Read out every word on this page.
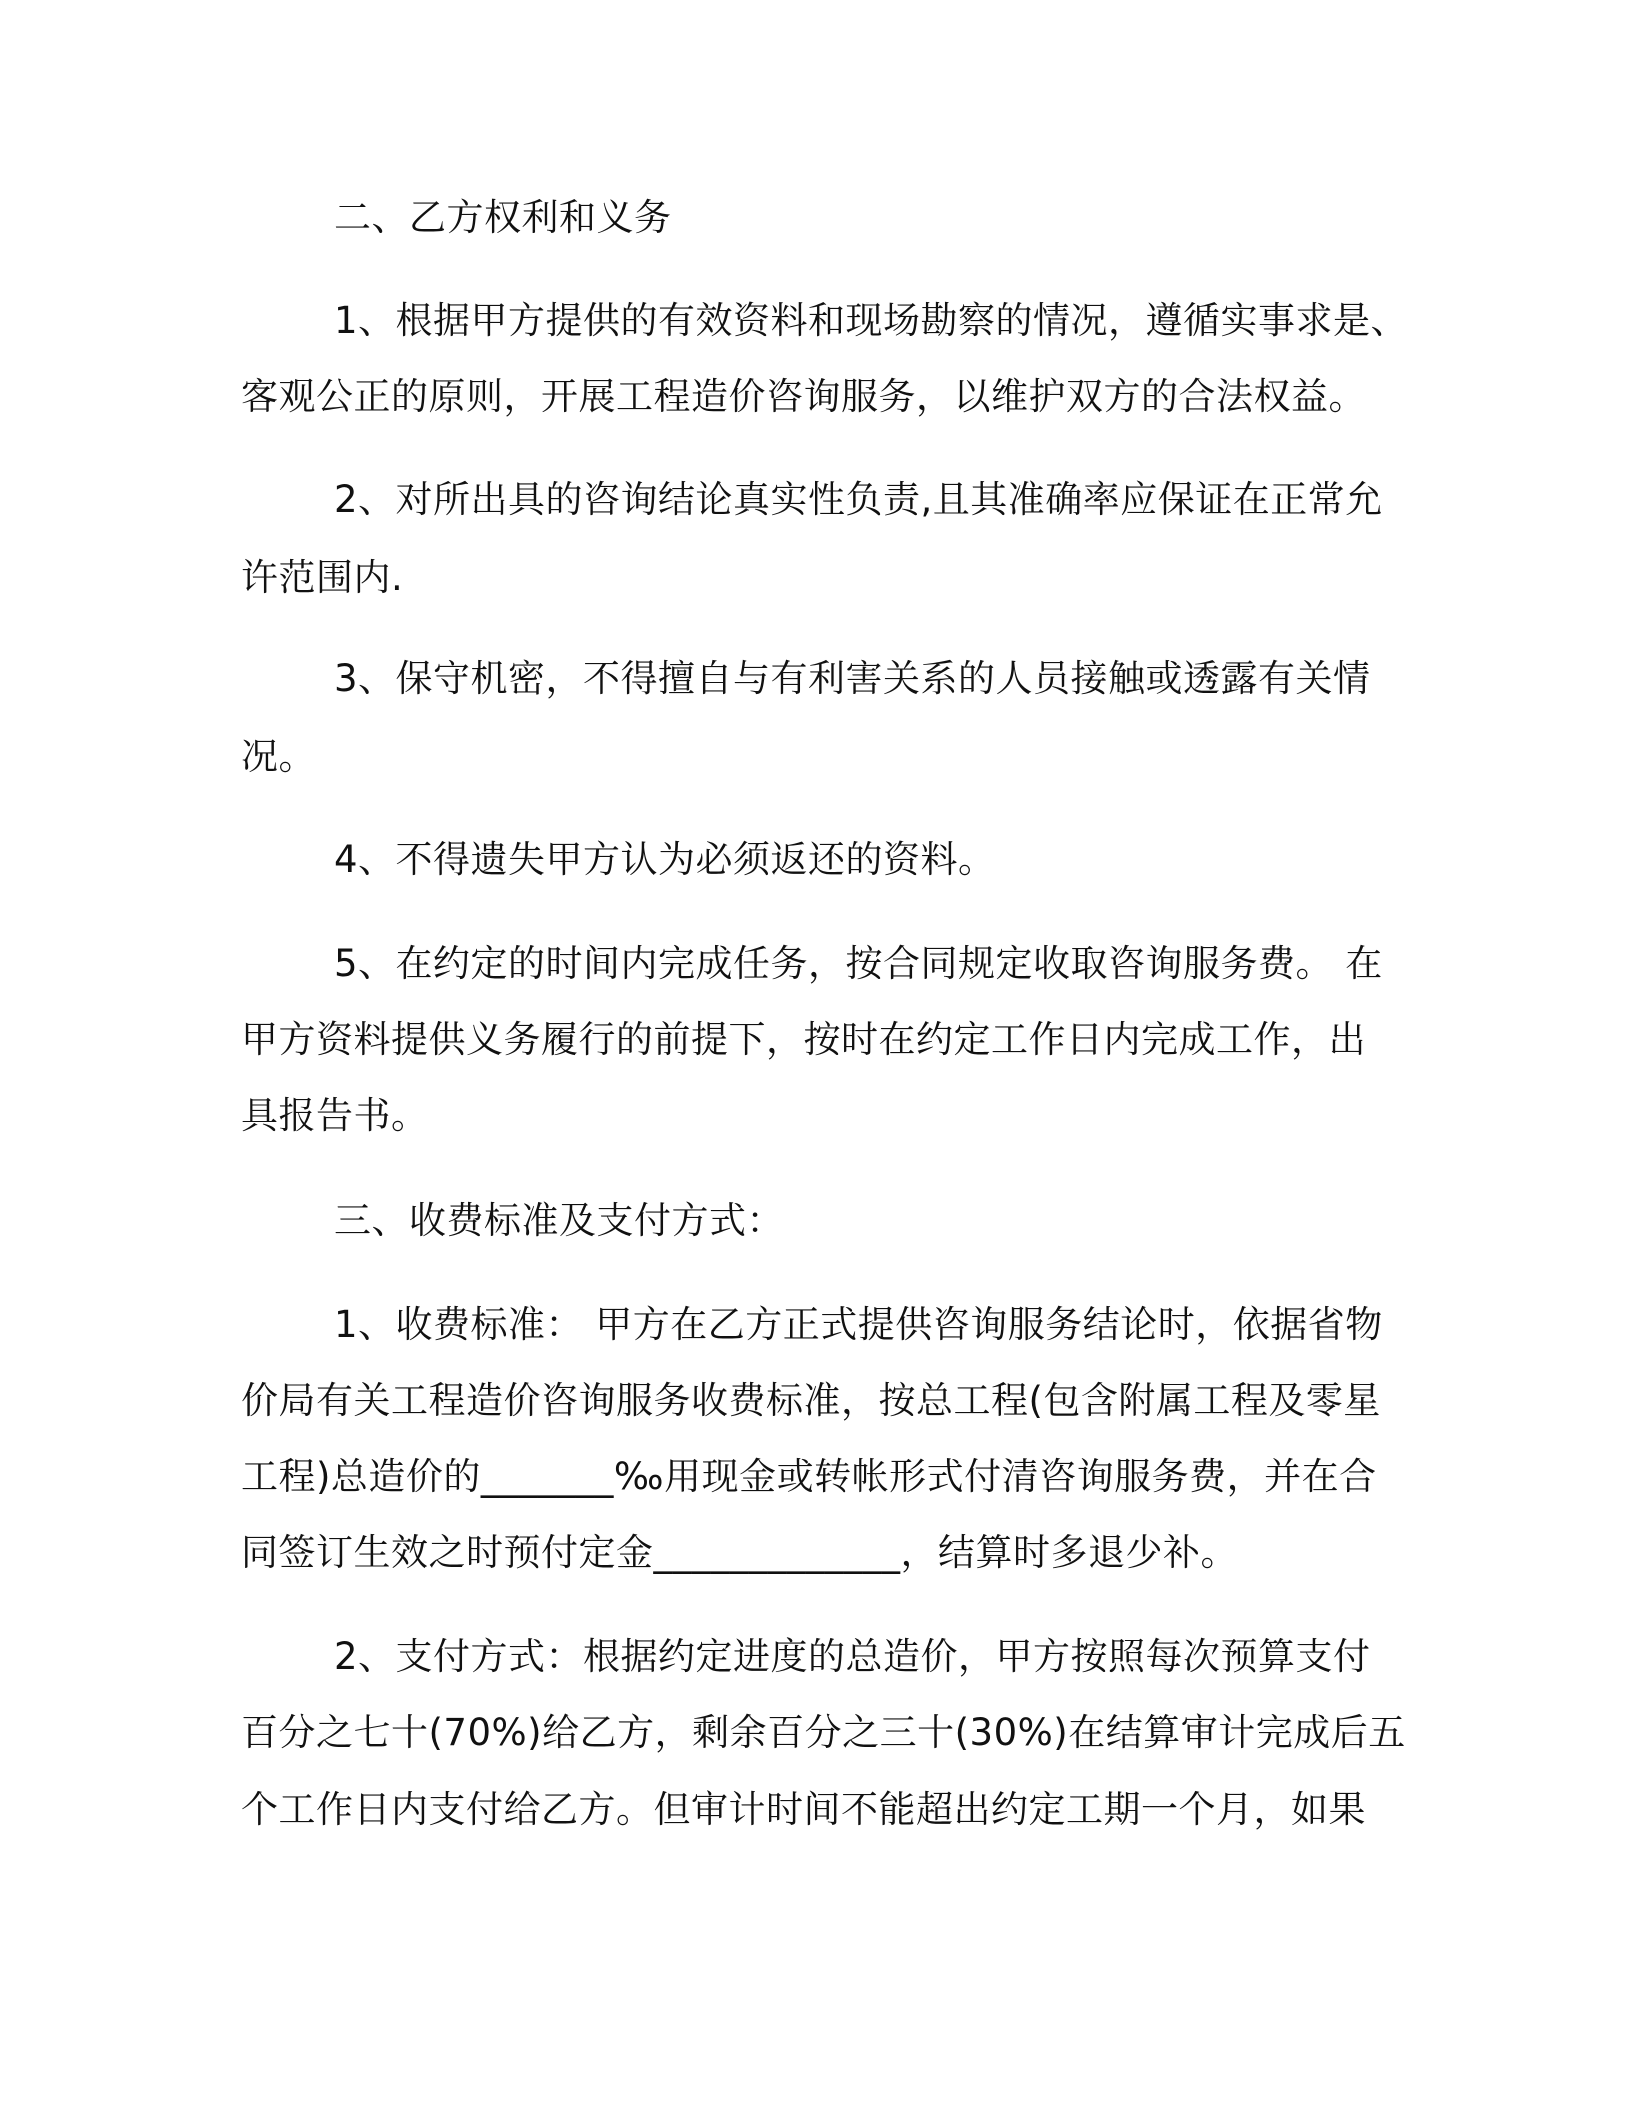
二、乙方权利和义务
1、根据甲方提供的有效资料和现场勘察的情况，遵循实事求是、
客观公正的原则，开展工程造价咨询服务，以维护双方的合法权益。
2、对所出具的咨询结论真实性负责,且其准确率应保证在正常允
许范围内.
3、保守机密，不得擅自与有利害关系的人员接触或透露有关情
况。
4、不得遗失甲方认为必须返还的资料。
5、在约定的时间内完成任务，按合同规定收取咨询服务费。 在
甲方资料提供义务履行的前提下，按时在约定工作日内完成工作，出
具报告书。
三、收费标准及支付方式：
1、收费标准： 甲方在乙方正式提供咨询服务结论时，依据省物
价局有关工程造价咨询服务收费标准，按总工程(包含附属工程及零星
工程)总造价的_______‰用现金或转帐形式付清咨询服务费，并在合
同签订生效之时预付定金_____________，结算时多退少补。
2、支付方式：根据约定进度的总造价，甲方按照每次预算支付
百分之七十(70%)给乙方，剩余百分之三十(30%)在结算审计完成后五
个工作日内支付给乙方。但审计时间不能超出约定工期一个月，如果
